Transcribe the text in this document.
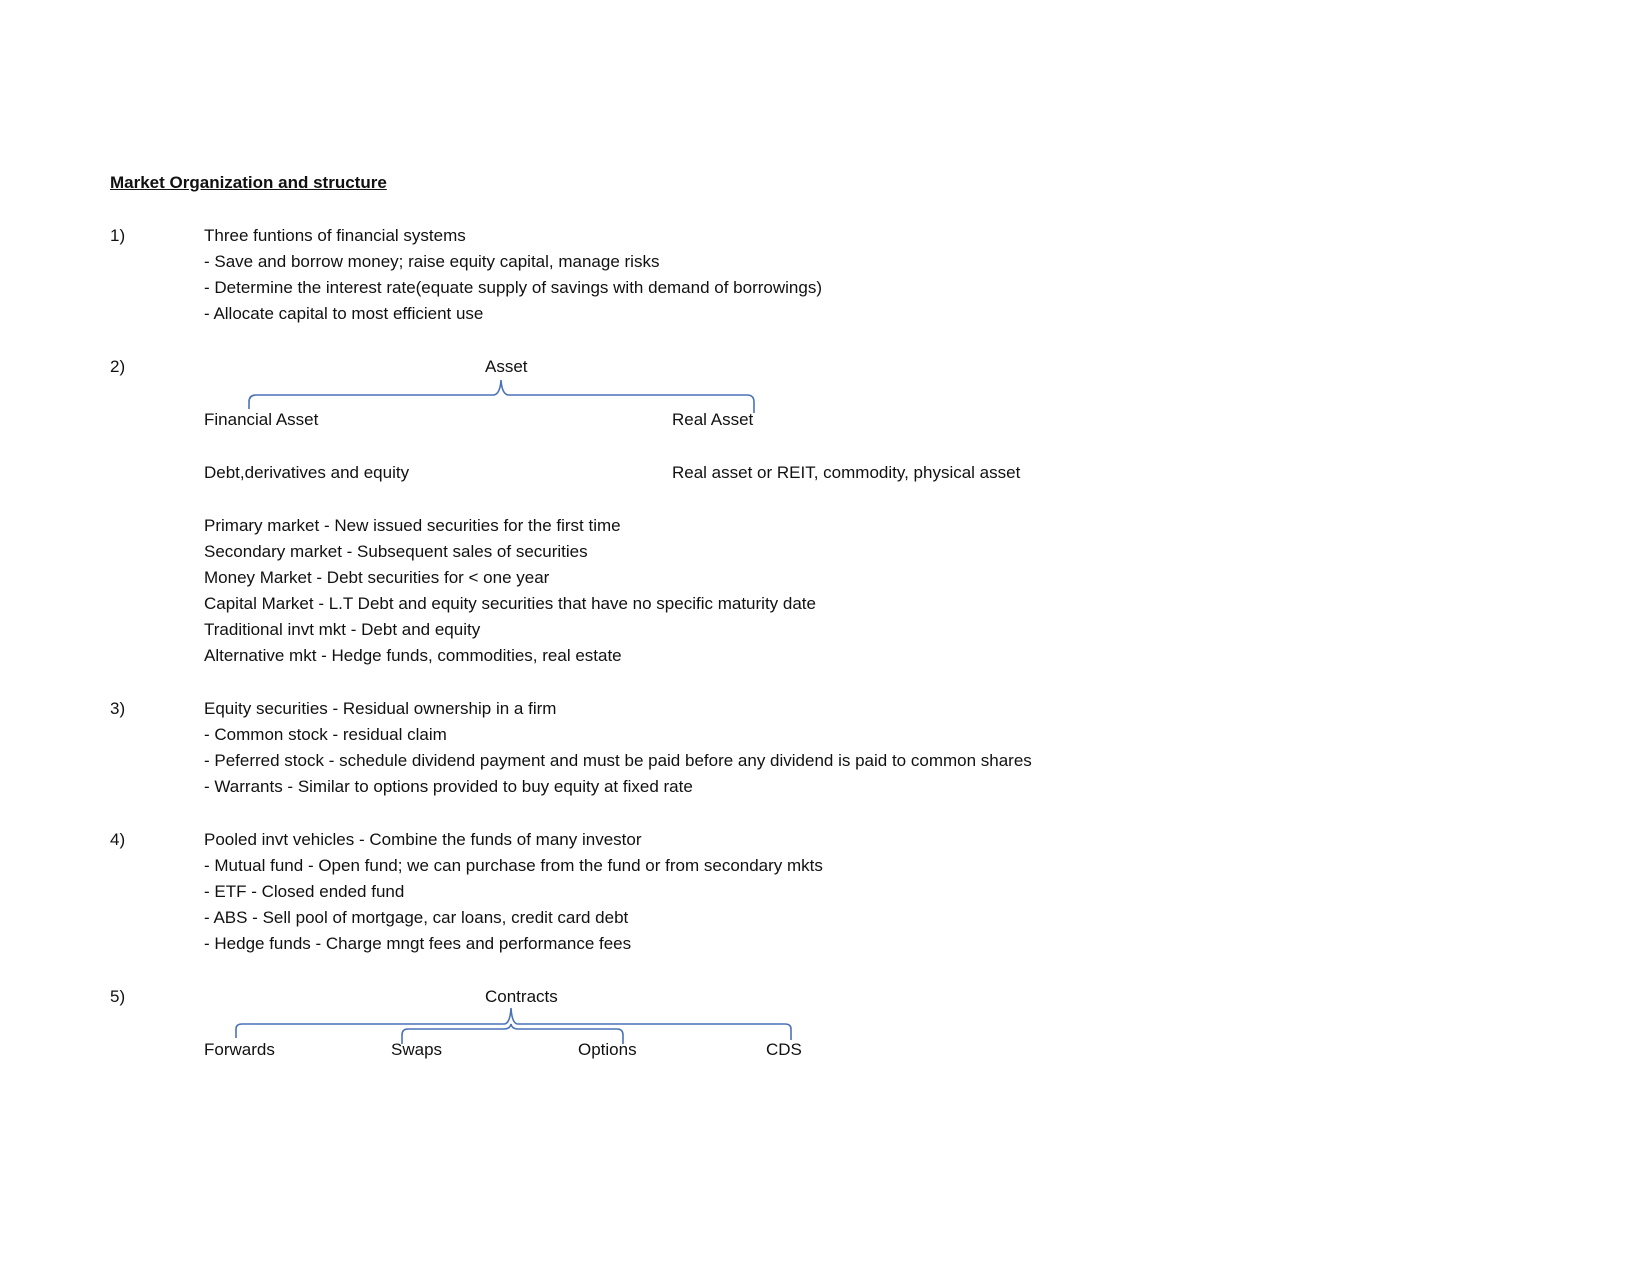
Market Organization and structure
1)	Three funtions of financial systems
- Save and borrow money; raise equity capital, manage risks
- Determine the interest rate(equate supply of savings with demand of borrowings)
- Allocate capital to most efficient use
2)	Asset
Financial Asset	Real Asset
Debt,derivatives and equity	Real asset or REIT, commodity, physical asset
Primary market - New issued securities for the first time
Secondary market - Subsequent sales of securities
Money Market - Debt securities for < one year
Capital Market - L.T Debt and equity securities that have no specific maturity date
Traditional invt mkt - Debt and equity
Alternative mkt - Hedge funds, commodities, real estate
3)	Equity securities - Residual ownership in a firm
- Common stock - residual claim
- Peferred stock - schedule dividend payment and must be paid before any dividend is paid to common shares
- Warrants - Similar to options provided to buy equity at fixed rate
4)	Pooled invt vehicles - Combine the funds of many investor
- Mutual fund - Open fund; we can purchase from the fund or from secondary mkts
- ETF - Closed ended fund
- ABS - Sell pool of mortgage, car loans, credit card debt
- Hedge funds - Charge mngt fees and performance fees
5)	Contracts
Forwards	Swaps	Options	CDS
